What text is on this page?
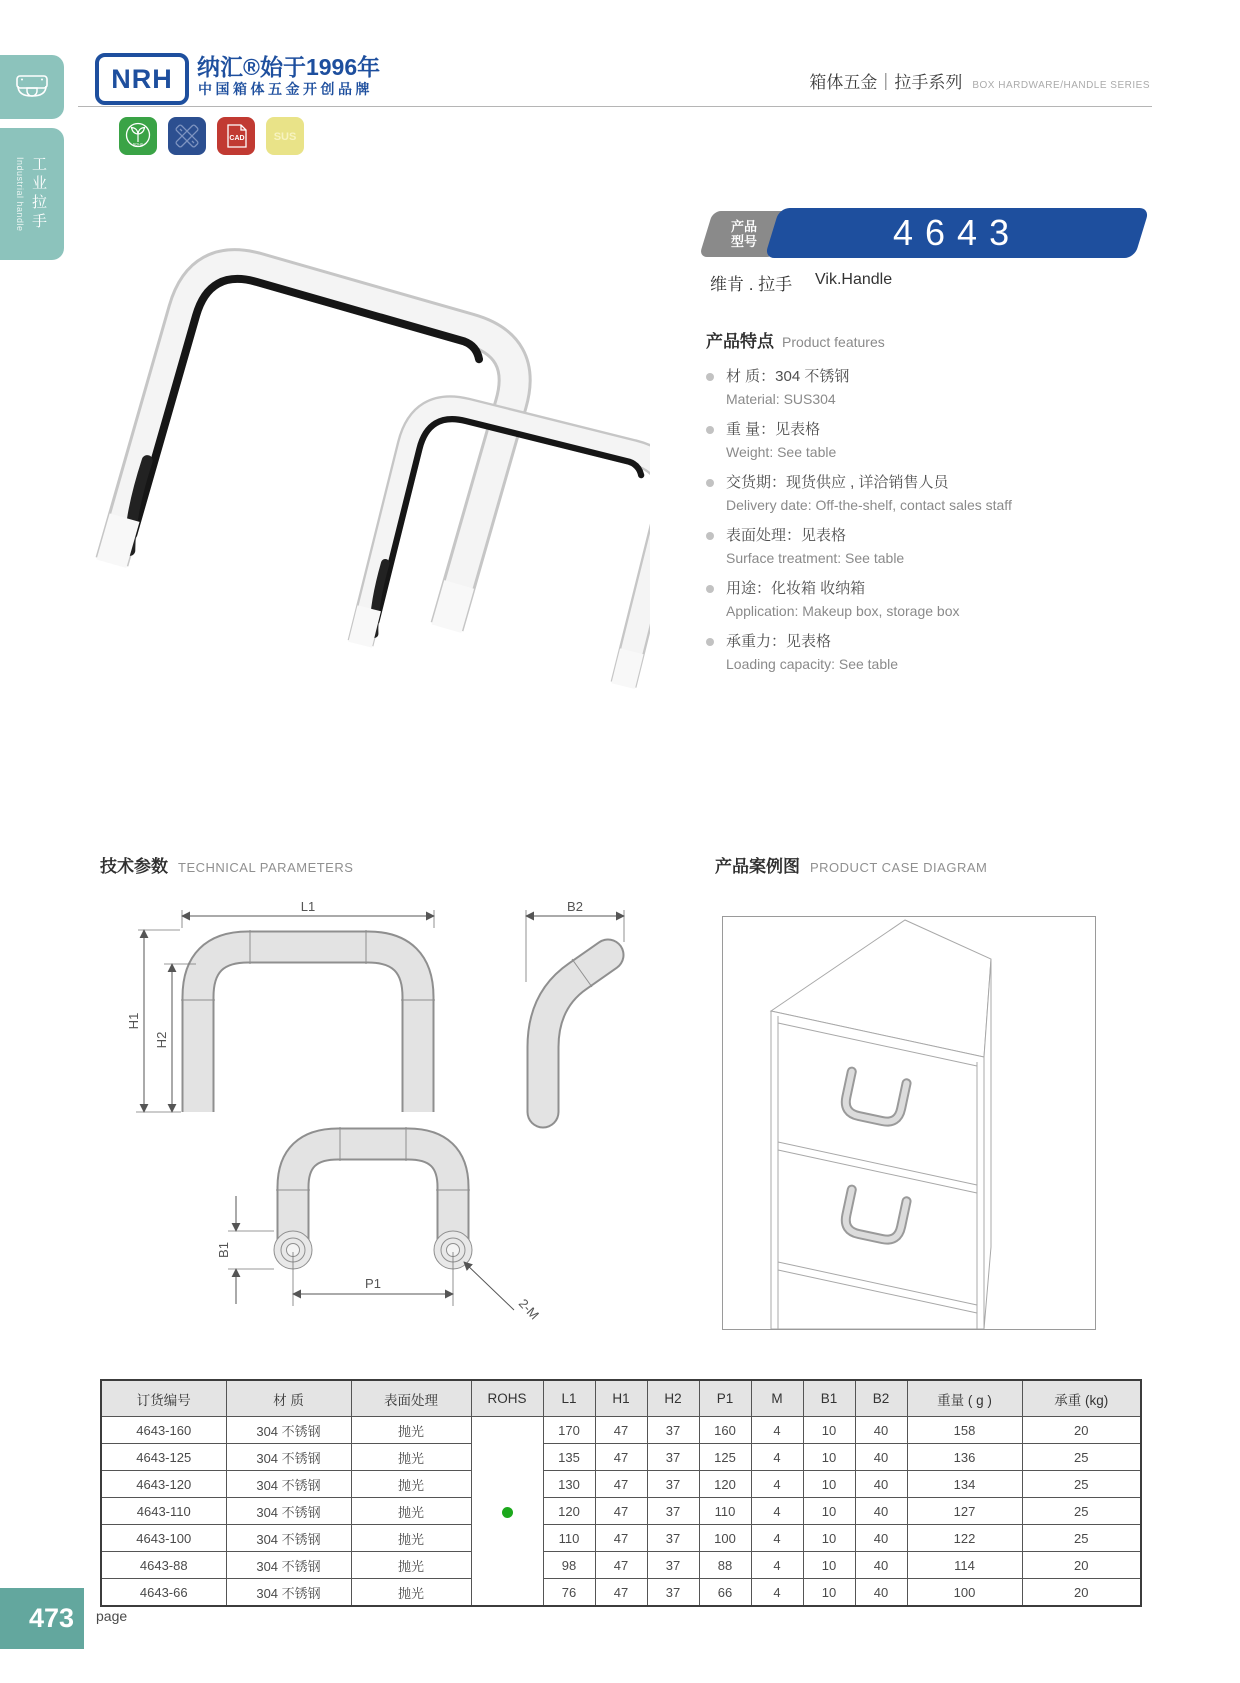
Industrial handle 工业拉手
NRH	纳汇®始于1996年
中国箱体五金开创品牌	箱体五金｜拉手系列 BOX HARDWARE/HANDLE SERIES
ROHS
CAD	SUS
产品
型号	4643
维肯 . 拉手 Vik.Handle
产品特点 Product features
材 质：304 不锈钢
Material: SUS304
重 量：见表格
Weight: See table
交货期：现货供应 , 详洽销售人员
Delivery date: Off-the-shelf, contact sales staff
表面处理：见表格
Surface treatment: See table
用途：化妆箱 收纳箱
Application: Makeup box, storage box
承重力：见表格
Loading capacity: See table
技术参数 TECHNICAL PARAMETERS	产品案例图 PRODUCT CASE DIAGRAM
L1
H1
H2
B2
B1
P1
2-M
订货编号	材 质	表面处理	ROHS	L1	H1	H2	P1	M	B1	B2	重量 ( g )	承重 (kg)
4643-160	304 不锈钢	抛光		170	47	37	160	4	10	40	158	20
4643-125	304 不锈钢	抛光		135	47	37	125	4	10	40	136	25
4643-120	304 不锈钢	抛光		130	47	37	120	4	10	40	134	25
4643-110	304 不锈钢	抛光		120	47	37	110	4	10	40	127	25
4643-100	304 不锈钢	抛光		110	47	37	100	4	10	40	122	25
4643-88	304 不锈钢	抛光		98	47	37	88	4	10	40	114	20
4643-66	304 不锈钢	抛光		76	47	37	66	4	10	40	100	20
473	page
